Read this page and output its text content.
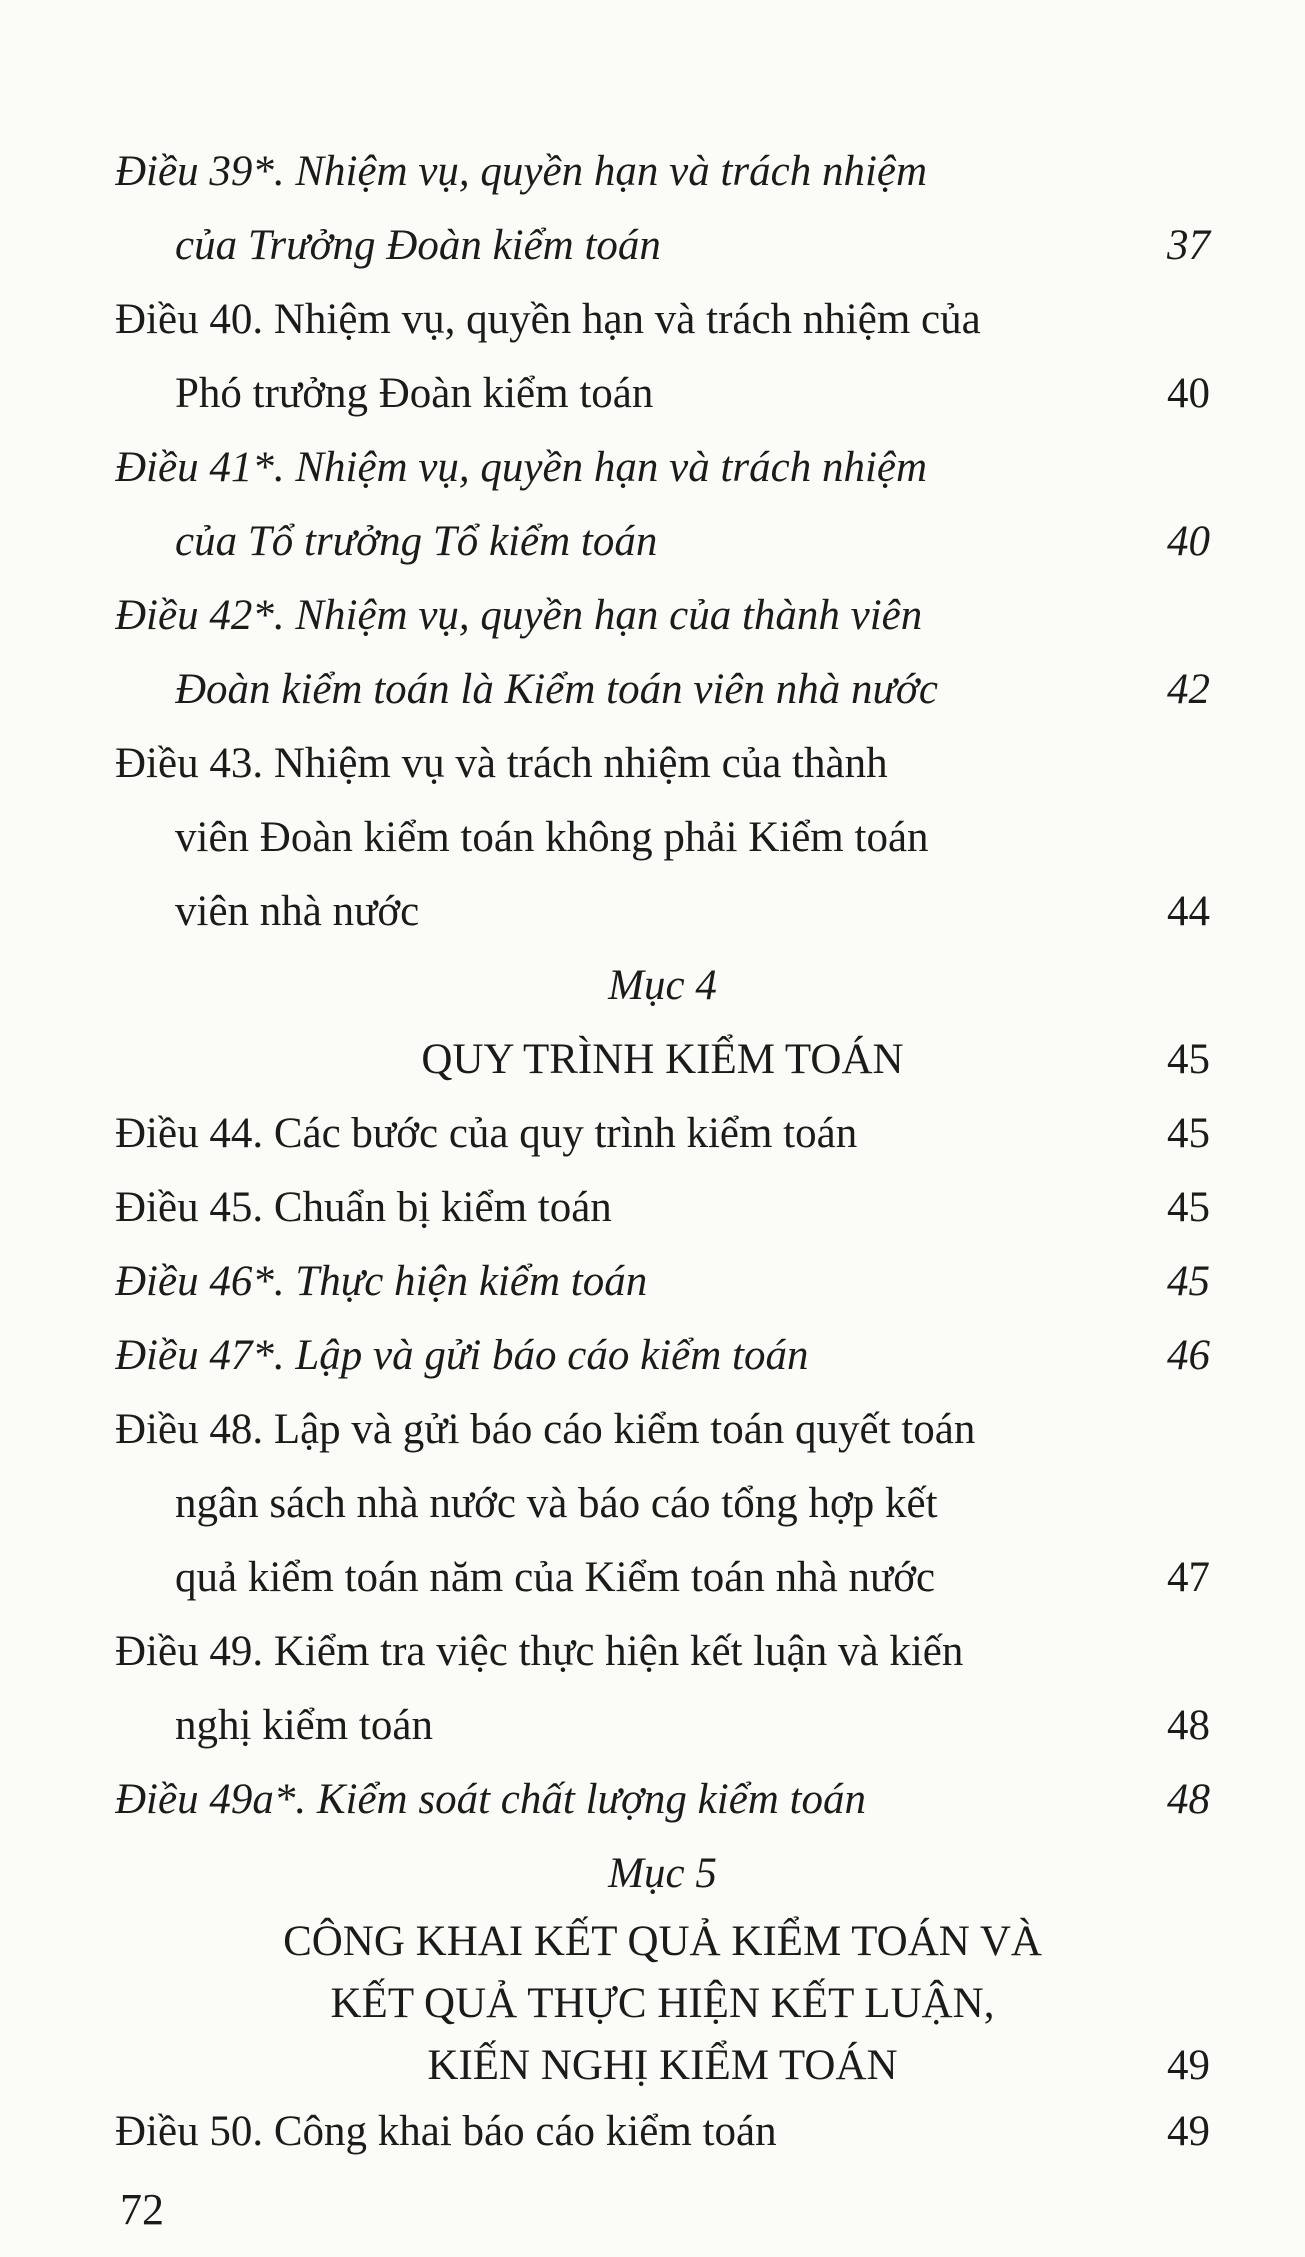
Điều 39*. Nhiệm vụ, quyền hạn và trách nhiệm
của Trưởng Đoàn kiểm toán	37
Điều 40. Nhiệm vụ, quyền hạn và trách nhiệm của
Phó trưởng Đoàn kiểm toán	40
Điều 41*. Nhiệm vụ, quyền hạn và trách nhiệm
của Tổ trưởng Tổ kiểm toán	40
Điều 42*. Nhiệm vụ, quyền hạn của thành viên
Đoàn kiểm toán là Kiểm toán viên nhà nước	42
Điều 43. Nhiệm vụ và trách nhiệm của thành
viên Đoàn kiểm toán không phải Kiểm toán
viên nhà nước	44
Mục 4
QUY TRÌNH KIỂM TOÁN	45
Điều 44. Các bước của quy trình kiểm toán	45
Điều 45. Chuẩn bị kiểm toán	45
Điều 46*. Thực hiện kiểm toán	45
Điều 47*. Lập và gửi báo cáo kiểm toán	46
Điều 48. Lập và gửi báo cáo kiểm toán quyết toán
ngân sách nhà nước và báo cáo tổng hợp kết
quả kiểm toán năm của Kiểm toán nhà nước	47
Điều 49. Kiểm tra việc thực hiện kết luận và kiến
nghị kiểm toán	48
Điều 49a*. Kiểm soát chất lượng kiểm toán	48
Mục 5
CÔNG KHAI KẾT QUẢ KIỂM TOÁN VÀ
KẾT QUẢ THỰC HIỆN KẾT LUẬN,
KIẾN NGHỊ KIỂM TOÁN	49
Điều 50. Công khai báo cáo kiểm toán	49
72
